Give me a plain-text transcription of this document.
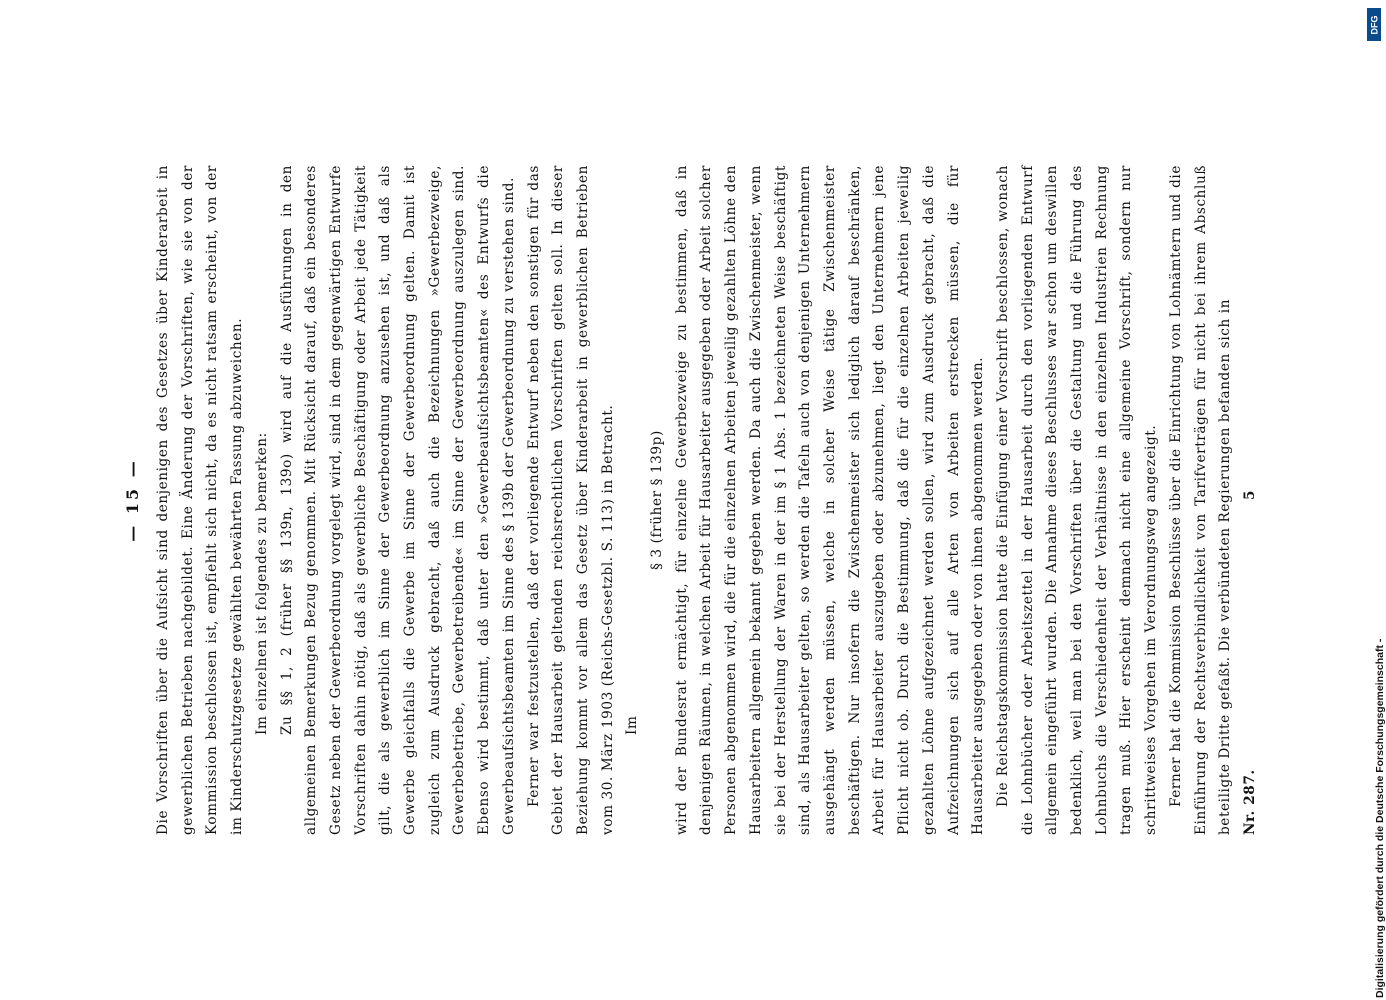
— 15 — Die Vorschriften über die Aufsicht sind denjenigen des Gesetzes über Kinderarbeit in gewerblichen Betrieben nachgebildet. Eine Änderung der Vorschriften, wie sie von der Kommission beschlossen ist, empfiehlt sich nicht, da es nicht ratsam erscheint, von der im Kinderschutzgesetze gewählten bewährten Fassung abzuweichen. Im einzelnen ist folgendes zu bemerken: Zu §§ 1, 2 (früher §§ 139n, 139o) wird auf die Ausführungen in den allgemeinen Bemerkungen Bezug genommen. Mit Rücksicht darauf, daß ein besonderes Gesetz neben der Gewerbeordnung vorgelegt wird, sind in dem gegenwärtigen Entwurfe Vorschriften dahin nötig, daß als gewerbliche Beschäftigung oder Arbeit jede Tätigkeit gilt, die als gewerblich im Sinne der Gewerbeordnung anzusehen ist, und daß als Gewerbe gleichfalls die Gewerbe im Sinne der Gewerbeordnung gelten. Damit ist zugleich zum Ausdruck gebracht, daß auch die Bezeichnungen »Gewerbezweige, Gewerbebetriebe, Gewerbetreibende« im Sinne der Gewerbeordnung auszulegen sind. Ebenso wird bestimmt, daß unter den »Gewerbeaufsichtsbeamten« des Entwurfs die Gewerbeaufsichtsbeamten im Sinne des § 139b der Gewerbeordnung zu verstehen sind. Ferner war festzustellen, daß der vorliegende Entwurf neben den sonstigen für das Gebiet der Hausarbeit geltenden reichsrechtlichen Vorschriften gelten soll. In dieser Beziehung kommt vor allem das Gesetz über Kinderarbeit in gewerblichen Betrieben vom 30. März 1903 (Reichs-Gesetzbl. S. 113) in Betracht. Im
§ 3 (früher § 139p) wird der Bundesrat ermächtigt, für einzelne Gewerbezweige zu bestimmen, daß in denjenigen Räumen, in welchen Arbeit für Hausarbeiter ausgegeben oder Arbeit solcher Personen abgenommen wird, die für die einzelnen Arbeiten jeweilig gezahlten Löhne den Hausarbeitern allgemein bekannt gegeben werden. Da auch die Zwischenmeister, wenn sie bei der Herstellung der Waren in der im § 1 Abs. 1 bezeichneten Weise beschäftigt sind, als Hausarbeiter gelten, so werden die Tafeln auch von denjenigen Unternehmern ausgehängt werden müssen, welche in solcher Weise tätige Zwischenmeister beschäftigen. Nur insofern die Zwischenmeister sich lediglich darauf beschränken, Arbeit für Hausarbeiter auszugeben oder abzunehmen, liegt den Unternehmern jene Pflicht nicht ob. Durch die Bestimmung, daß die für die einzelnen Arbeiten jeweilig gezahlten Löhne aufgezeichnet werden sollen, wird zum Ausdruck gebracht, daß die Aufzeichnungen sich auf alle Arten von Arbeiten erstrecken müssen, die für Hausarbeiter ausgegeben oder von ihnen abgenommen werden. Die Reichstagskommission hatte die Einfügung einer Vorschrift beschlossen, wonach die Lohnbücher oder Arbeitszettel in der Hausarbeit durch den vorliegenden Entwurf allgemein eingeführt wurden. Die Annahme dieses Beschlusses war schon um deswillen bedenklich, weil man bei den Vorschriften über die Gestaltung und die Führung des Lohnbuchs die Verschiedenheit der Verhältnisse in den einzelnen Industrien Rechnung tragen muß. Hier erscheint demnach nicht eine allgemeine Vorschrift, sondern nur schrittweises Vorgehen im Verordnungsweg angezeigt. Ferner hat die Kommission Beschlüsse über die Einrichtung von Lohnämtern und die Einführung der Rechtsverbindlichkeit von Tarifverträgen für nicht bei ihrem Abschluß beteiligte Dritte gefaßt. Die verbündeten Regierungen befanden sich in Nr. 287.
5
Digitalisierung gefördert durch die Deutsche Forschungsgemeinschaft -
DFG
